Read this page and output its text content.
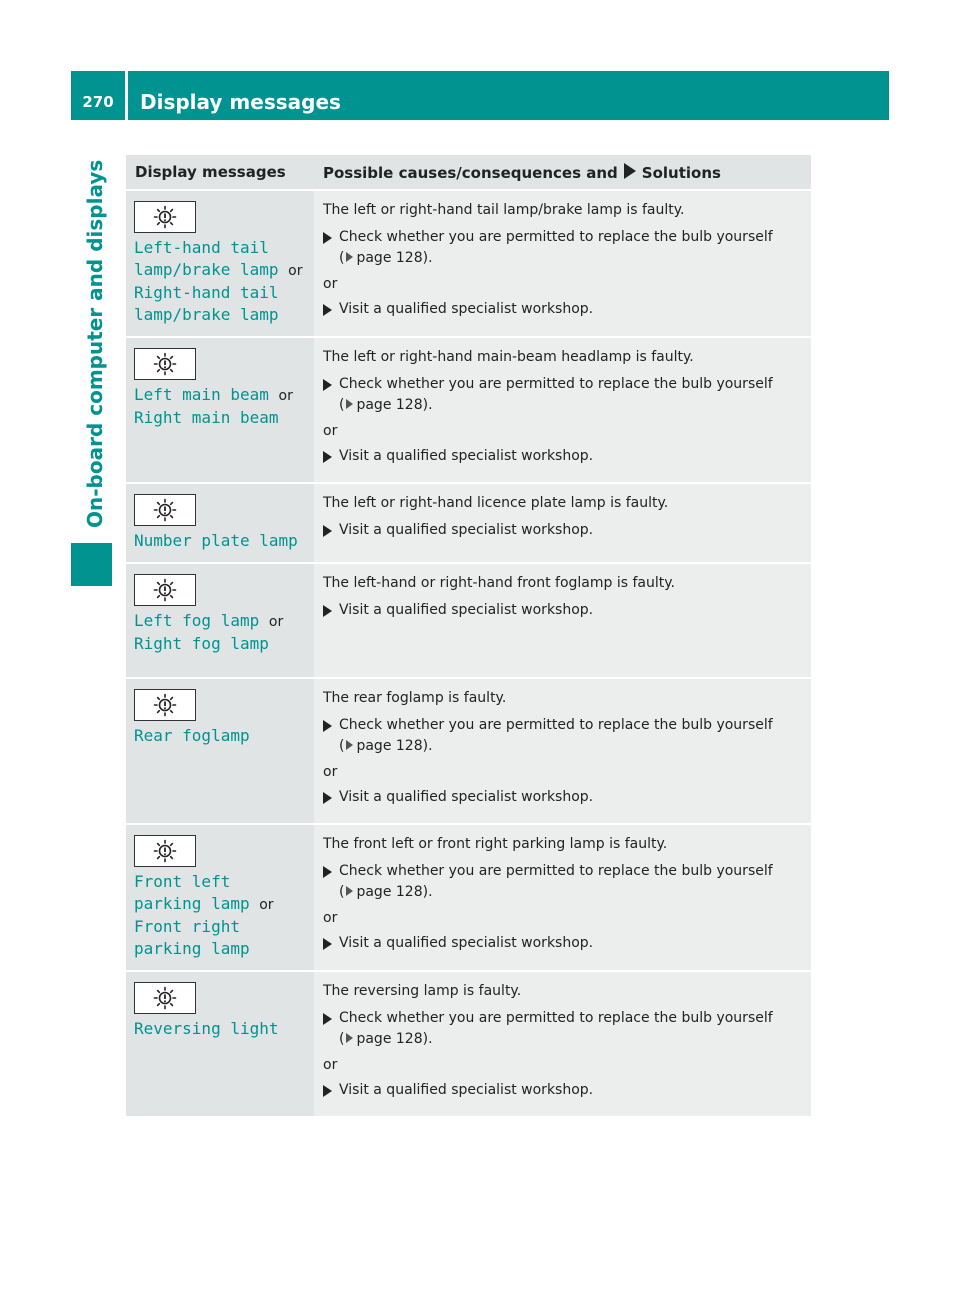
270	Display messages
On-board computer and displays Display messages	Possible causes/consequences and Solutions

Left-hand tail lamp/brake lamp or Right-hand tail lamp/brake lamp	The left or right-hand tail lamp/brake lamp is faulty.
Check whether you are permitted to replace the bulb yourself
( page 128).
or
Visit a qualified specialist workshop.

Left main beam or Right main beam	The left or right-hand main-beam headlamp is faulty.
Check whether you are permitted to replace the bulb yourself
( page 128).
or
Visit a qualified specialist workshop.

Number plate lamp	The left or right-hand licence plate lamp is faulty.
Visit a qualified specialist workshop.

Left fog lamp or Right fog lamp	The left-hand or right-hand front foglamp is faulty.
Visit a qualified specialist workshop.

Rear foglamp	The rear foglamp is faulty.
Check whether you are permitted to replace the bulb yourself
( page 128).
or
Visit a qualified specialist workshop.

Front left parking lamp or Front right parking lamp	The front left or front right parking lamp is faulty.
Check whether you are permitted to replace the bulb yourself
( page 128).
or
Visit a qualified specialist workshop.

Reversing light	The reversing lamp is faulty.
Check whether you are permitted to replace the bulb yourself
( page 128).
or
Visit a qualified specialist workshop.
